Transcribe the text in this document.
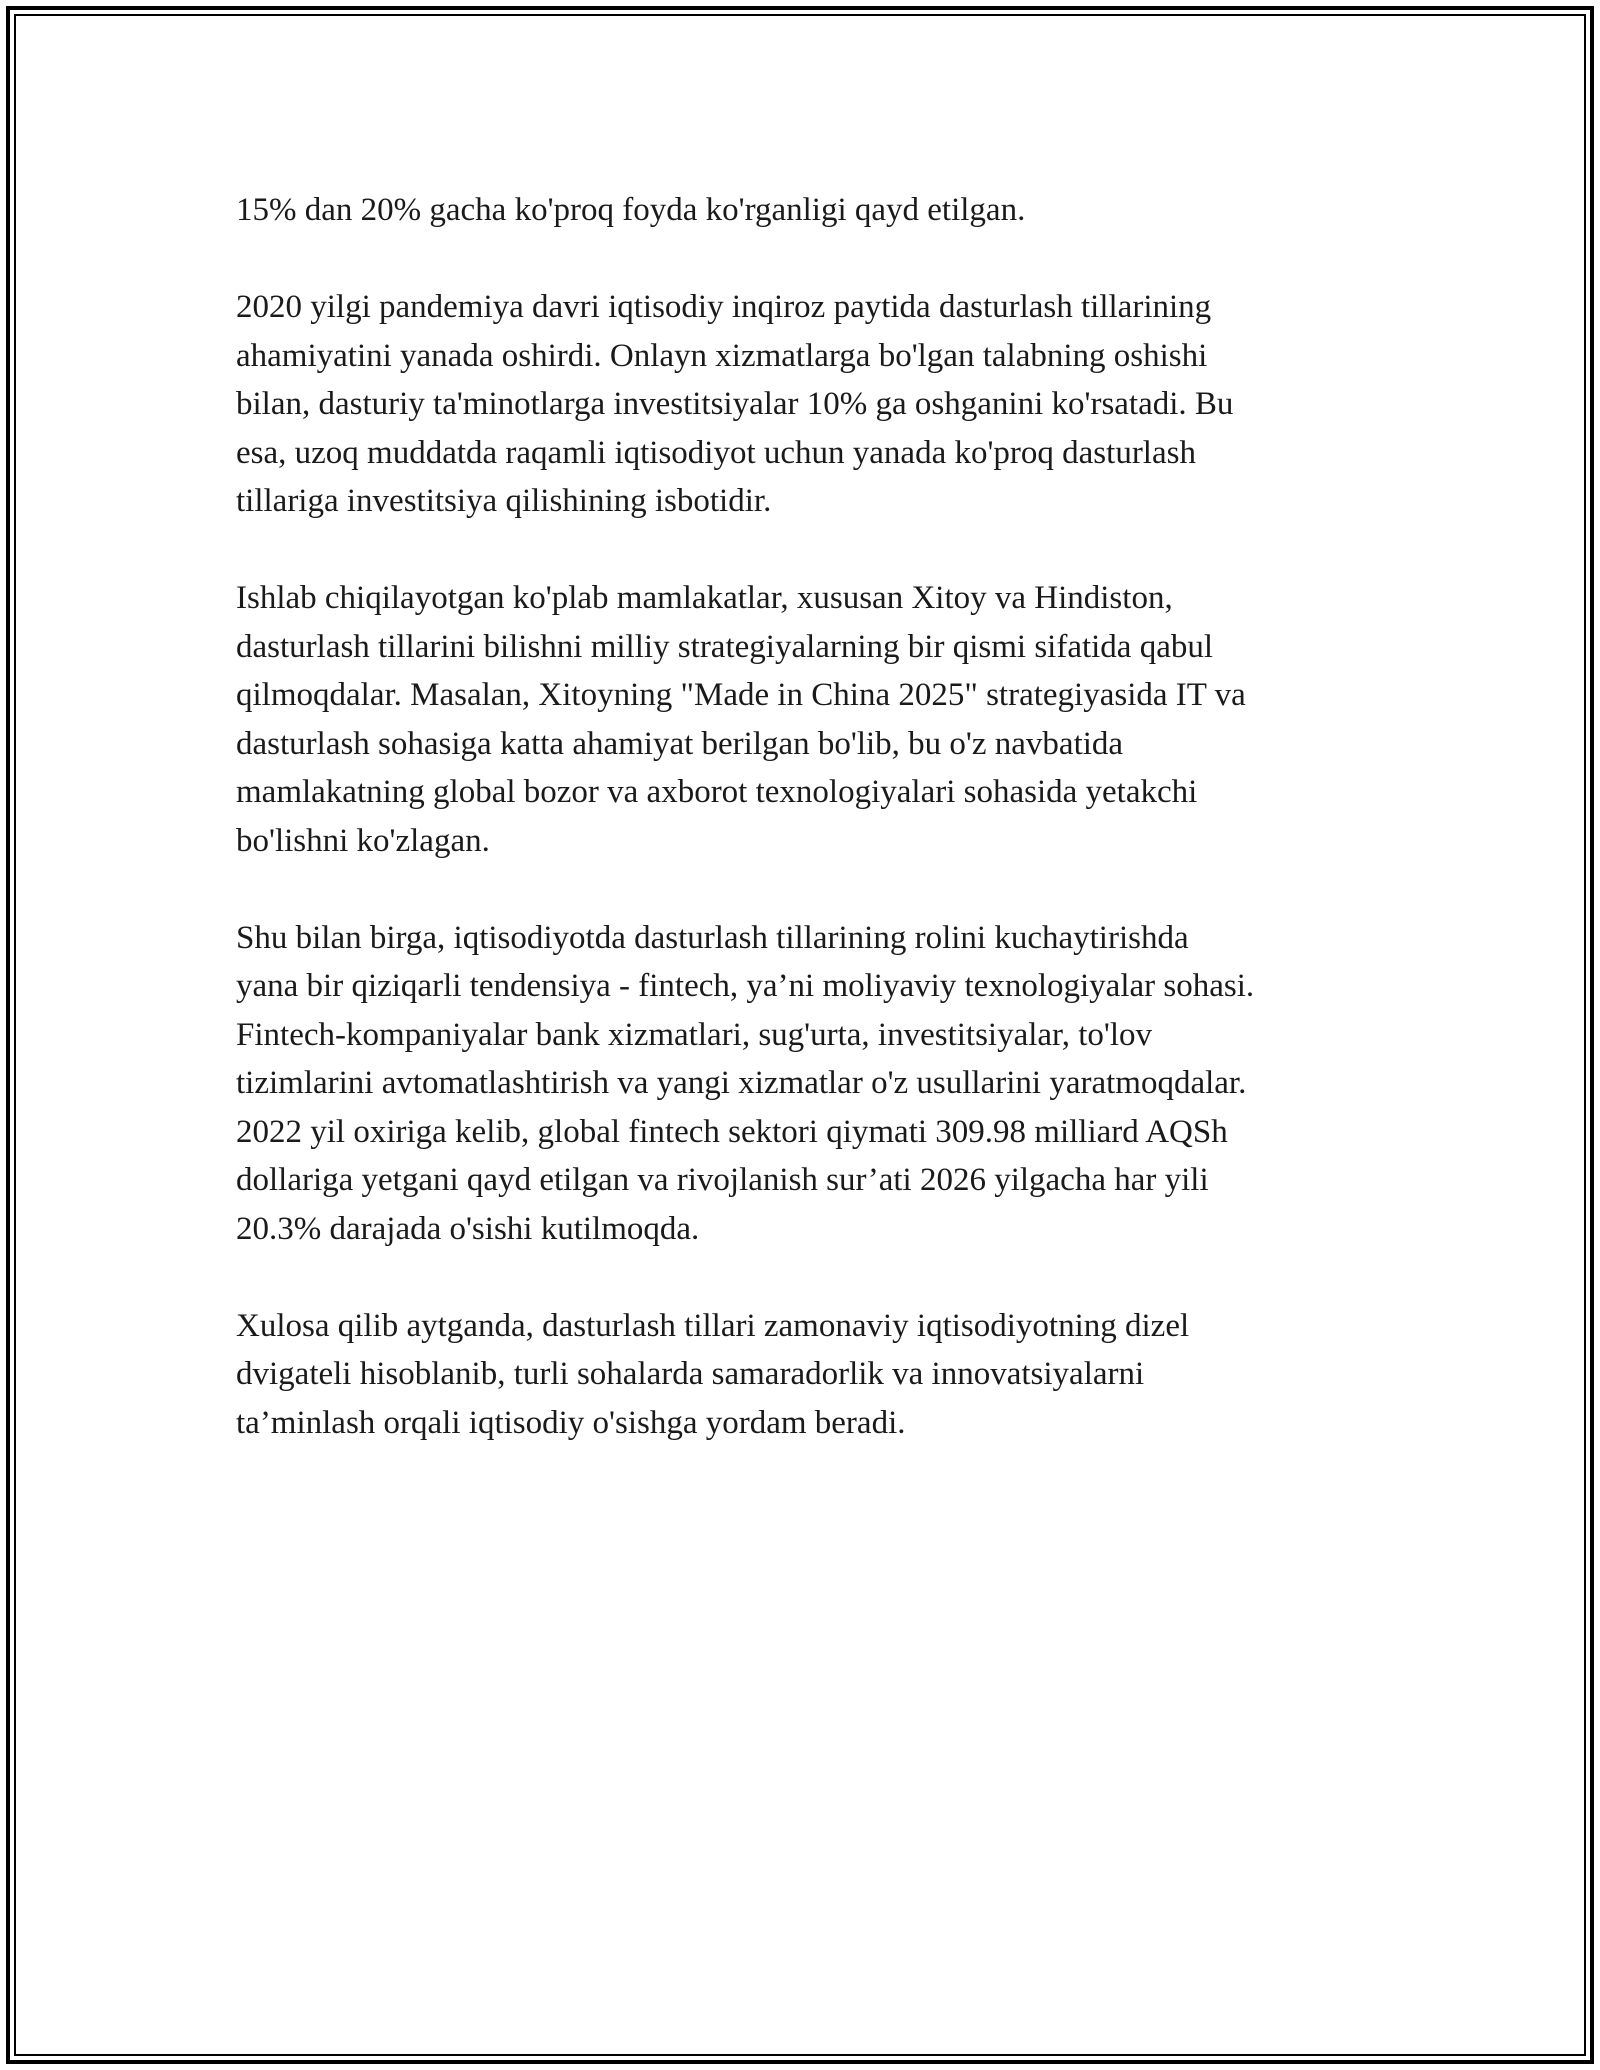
15% dan 20% gacha ko'proq foyda ko'rganligi qayd etilgan.

2020 yilgi pandemiya davri iqtisodiy inqiroz paytida dasturlash tillarining
ahamiyatini yanada oshirdi. Onlayn xizmatlarga bo'lgan talabning oshishi
bilan, dasturiy ta'minotlarga investitsiyalar 10% ga oshganini ko'rsatadi. Bu
esa, uzoq muddatda raqamli iqtisodiyot uchun yanada ko'proq dasturlash
tillariga investitsiya qilishining isbotidir.

Ishlab chiqilayotgan ko'plab mamlakatlar, xususan Xitoy va Hindiston,
dasturlash tillarini bilishni milliy strategiyalarning bir qismi sifatida qabul
qilmoqdalar. Masalan, Xitoyning "Made in China 2025" strategiyasida IT va
dasturlash sohasiga katta ahamiyat berilgan bo'lib, bu o'z navbatida
mamlakatning global bozor va axborot texnologiyalari sohasida yetakchi
bo'lishni ko'zlagan.

Shu bilan birga, iqtisodiyotda dasturlash tillarining rolini kuchaytirishda
yana bir qiziqarli tendensiya - fintech, ya’ni moliyaviy texnologiyalar sohasi.
Fintech-kompaniyalar bank xizmatlari, sug'urta, investitsiyalar, to'lov
tizimlarini avtomatlashtirish va yangi xizmatlar o'z usullarini yaratmoqdalar.
2022 yil oxiriga kelib, global fintech sektori qiymati 309.98 milliard AQSh
dollariga yetgani qayd etilgan va rivojlanish sur’ati 2026 yilgacha har yili
20.3% darajada o'sishi kutilmoqda.

Xulosa qilib aytganda, dasturlash tillari zamonaviy iqtisodiyotning dizel
dvigateli hisoblanib, turli sohalarda samaradorlik va innovatsiyalarni
ta’minlash orqali iqtisodiy o'sishga yordam beradi.
